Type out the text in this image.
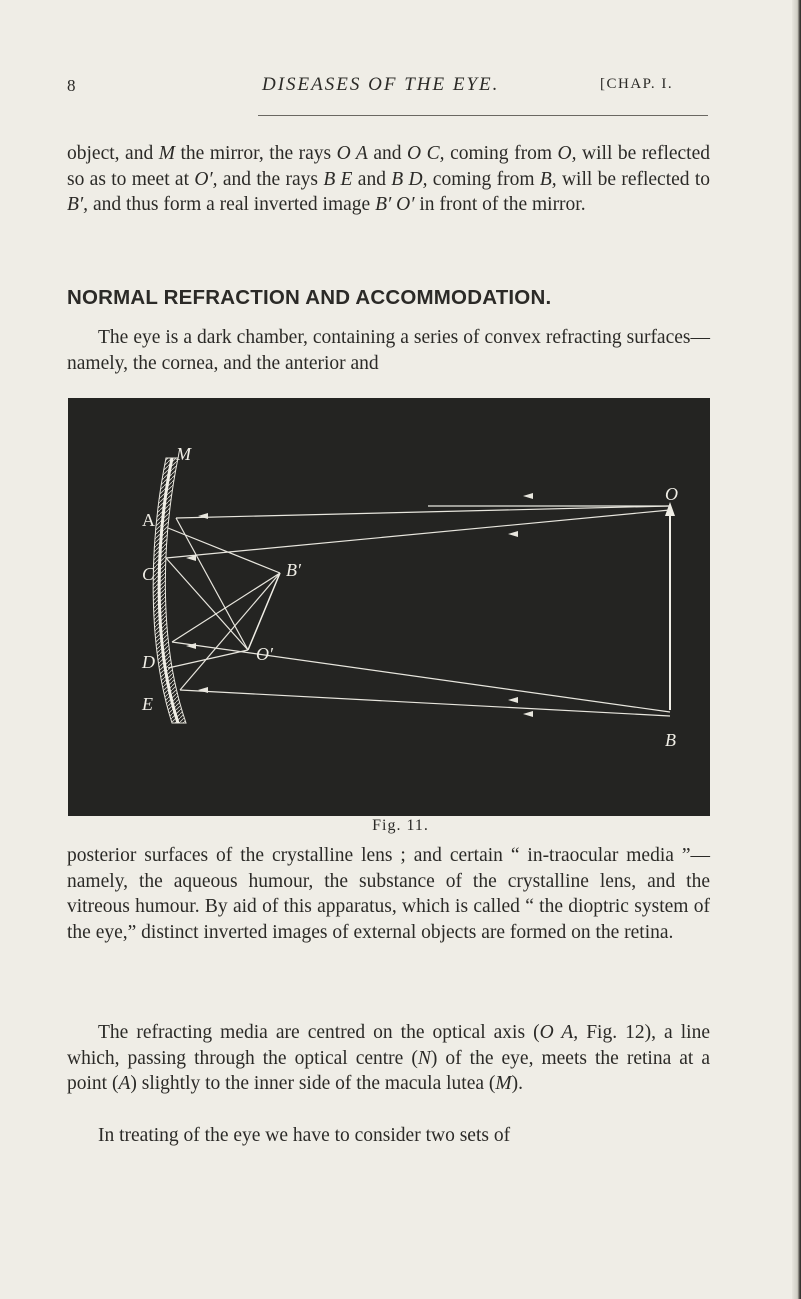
8	DISEASES OF THE EYE.	[CHAP. I.
object, and M the mirror, the rays O A and O C, coming from O, will be reflected so as to meet at O′, and the rays B E and B D, coming from B, will be reflected to B′, and thus form a real inverted image B′ O′ in front of the mirror.
NORMAL REFRACTION AND ACCOMMODATION.
The eye is a dark chamber, containing a series of convex refracting surfaces—namely, the cornea, and the anterior and
M
A
C
D
E
O
B
B′
O′
Fig. 11.
posterior surfaces of the crystalline lens ; and certain “ in-traocular media ”—namely, the aqueous humour, the substance of the crystalline lens, and the vitreous humour. By aid of this apparatus, which is called “ the dioptric system of the eye,” distinct inverted images of external objects are formed on the retina.
The refracting media are centred on the optical axis (O A, Fig. 12), a line which, passing through the optical centre (N) of the eye, meets the retina at a point (A) slightly to the inner side of the macula lutea (M).
In treating of the eye we have to consider two sets of
